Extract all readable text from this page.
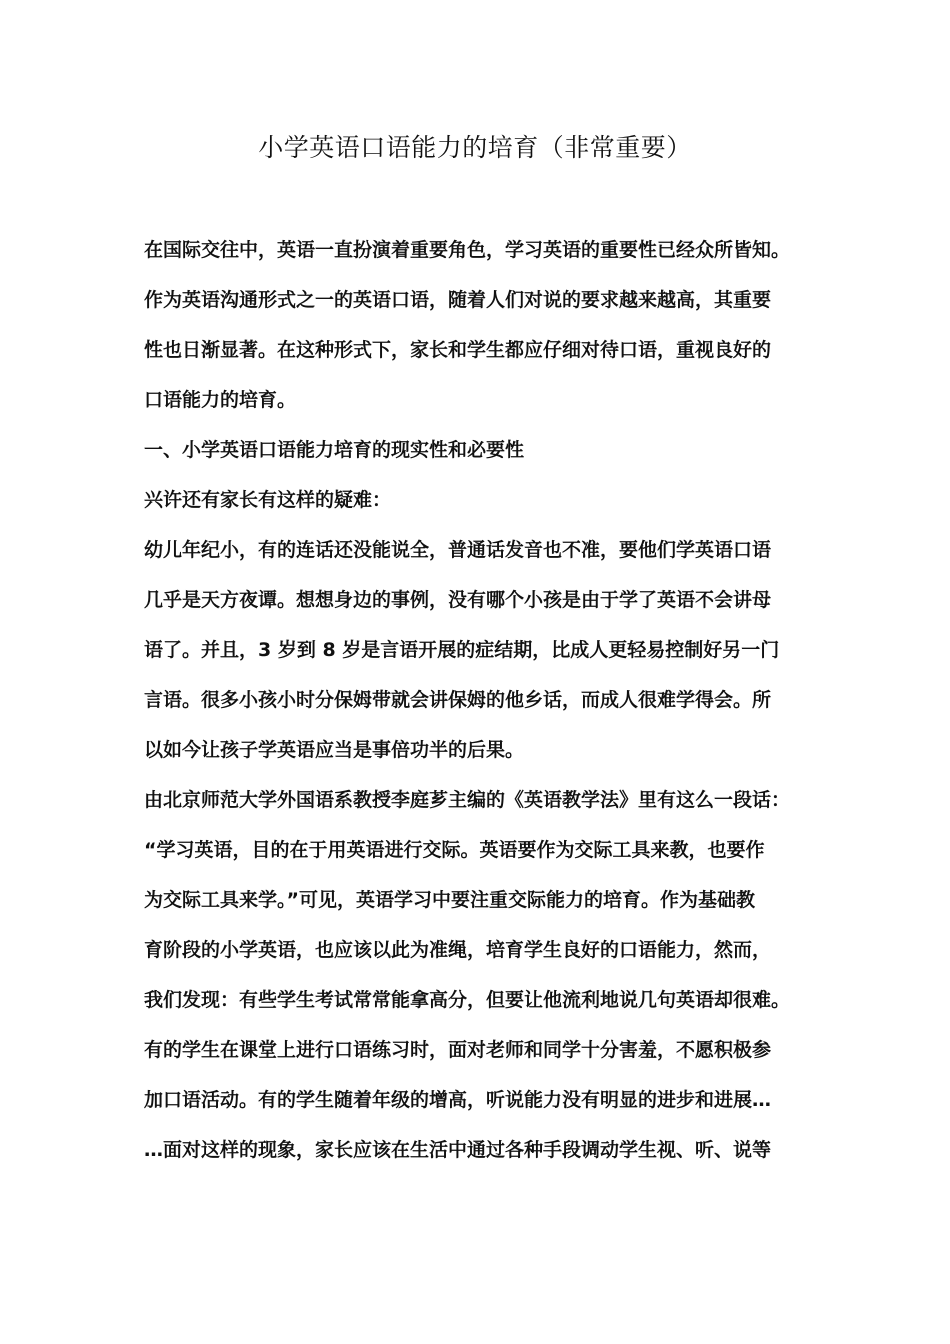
小学英语口语能力的培育（非常重要）
在国际交往中，英语一直扮演着重要角色，学习英语的重要性已经众所皆知。
作为英语沟通形式之一的英语口语，随着人们对说的要求越来越高，其重要
性也日渐显著。在这种形式下，家长和学生都应仔细对待口语，重视良好的
口语能力的培育。
一、小学英语口语能力培育的现实性和必要性
兴许还有家长有这样的疑难：
幼儿年纪小，有的连话还没能说全，普通话发音也不准，要他们学英语口语
几乎是天方夜谭。想想身边的事例，没有哪个小孩是由于学了英语不会讲母
语了。并且，3 岁到 8 岁是言语开展的症结期，比成人更轻易控制好另一门
言语。很多小孩小时分保姆带就会讲保姆的他乡话，而成人很难学得会。所
以如今让孩子学英语应当是事倍功半的后果。
由北京师范大学外国语系教授李庭芗主编的《英语教学法》里有这么一段话：
“学习英语，目的在于用英语进行交际。英语要作为交际工具来教，也要作
为交际工具来学。”可见，英语学习中要注重交际能力的培育。作为基础教
育阶段的小学英语，也应该以此为准绳，培育学生良好的口语能力，然而，
我们发现：有些学生考试常常能拿高分，但要让他流利地说几句英语却很难。
有的学生在课堂上进行口语练习时，面对老师和同学十分害羞，不愿积极参
加口语活动。有的学生随着年级的增高，听说能力没有明显的进步和进展…
…面对这样的现象，家长应该在生活中通过各种手段调动学生视、听、说等
